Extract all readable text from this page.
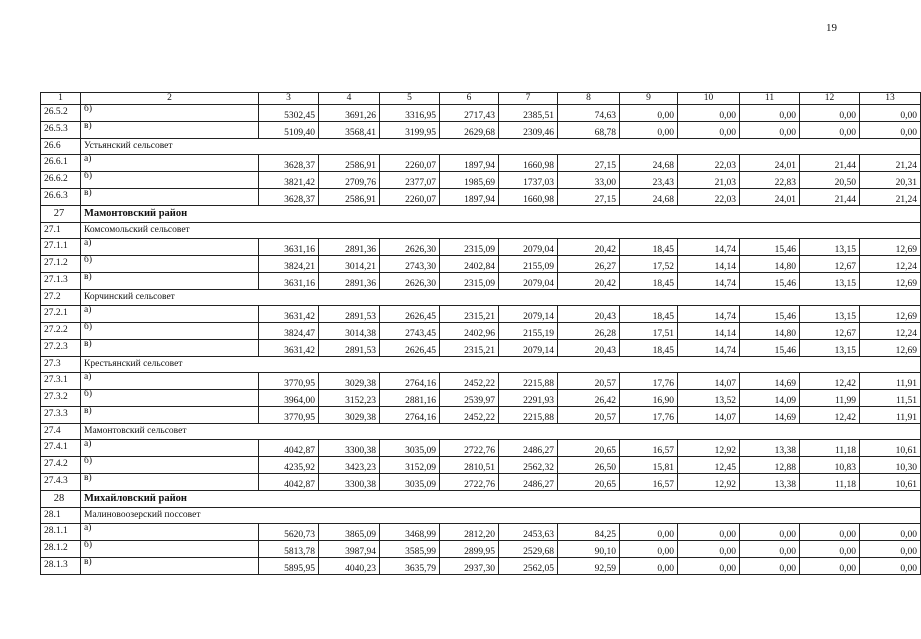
19
1	2	3	4	5	6	7	8	9	10	11	12	13
26.5.2	б)	5302,45	3691,26	3316,95	2717,43	2385,51	74,63	0,00	0,00	0,00	0,00	0,00
26.5.3	в)	5109,40	3568,41	3199,95	2629,68	2309,46	68,78	0,00	0,00	0,00	0,00	0,00
26.6	Устьянский сельсовет											
26.6.1	а)	3628,37	2586,91	2260,07	1897,94	1660,98	27,15	24,68	22,03	24,01	21,44	21,24
26.6.2	б)	3821,42	2709,76	2377,07	1985,69	1737,03	33,00	23,43	21,03	22,83	20,50	20,31
26.6.3	в)	3628,37	2586,91	2260,07	1897,94	1660,98	27,15	24,68	22,03	24,01	21,44	21,24
27	Мамонтовский район											
27.1	Комсомольский сельсовет											
27.1.1	а)	3631,16	2891,36	2626,30	2315,09	2079,04	20,42	18,45	14,74	15,46	13,15	12,69
27.1.2	б)	3824,21	3014,21	2743,30	2402,84	2155,09	26,27	17,52	14,14	14,80	12,67	12,24
27.1.3	в)	3631,16	2891,36	2626,30	2315,09	2079,04	20,42	18,45	14,74	15,46	13,15	12,69
27.2	Корчинский сельсовет											
27.2.1	а)	3631,42	2891,53	2626,45	2315,21	2079,14	20,43	18,45	14,74	15,46	13,15	12,69
27.2.2	б)	3824,47	3014,38	2743,45	2402,96	2155,19	26,28	17,51	14,14	14,80	12,67	12,24
27.2.3	в)	3631,42	2891,53	2626,45	2315,21	2079,14	20,43	18,45	14,74	15,46	13,15	12,69
27.3	Крестьянский сельсовет											
27.3.1	а)	3770,95	3029,38	2764,16	2452,22	2215,88	20,57	17,76	14,07	14,69	12,42	11,91
27.3.2	б)	3964,00	3152,23	2881,16	2539,97	2291,93	26,42	16,90	13,52	14,09	11,99	11,51
27.3.3	в)	3770,95	3029,38	2764,16	2452,22	2215,88	20,57	17,76	14,07	14,69	12,42	11,91
27.4	Мамонтовский сельсовет											
27.4.1	а)	4042,87	3300,38	3035,09	2722,76	2486,27	20,65	16,57	12,92	13,38	11,18	10,61
27.4.2	б)	4235,92	3423,23	3152,09	2810,51	2562,32	26,50	15,81	12,45	12,88	10,83	10,30
27.4.3	в)	4042,87	3300,38	3035,09	2722,76	2486,27	20,65	16,57	12,92	13,38	11,18	10,61
28	Михайловский район											
28.1	Малиновоозерский поссовет											
28.1.1	а)	5620,73	3865,09	3468,99	2812,20	2453,63	84,25	0,00	0,00	0,00	0,00	0,00
28.1.2	б)	5813,78	3987,94	3585,99	2899,95	2529,68	90,10	0,00	0,00	0,00	0,00	0,00
28.1.3	в)	5895,95	4040,23	3635,79	2937,30	2562,05	92,59	0,00	0,00	0,00	0,00	0,00
